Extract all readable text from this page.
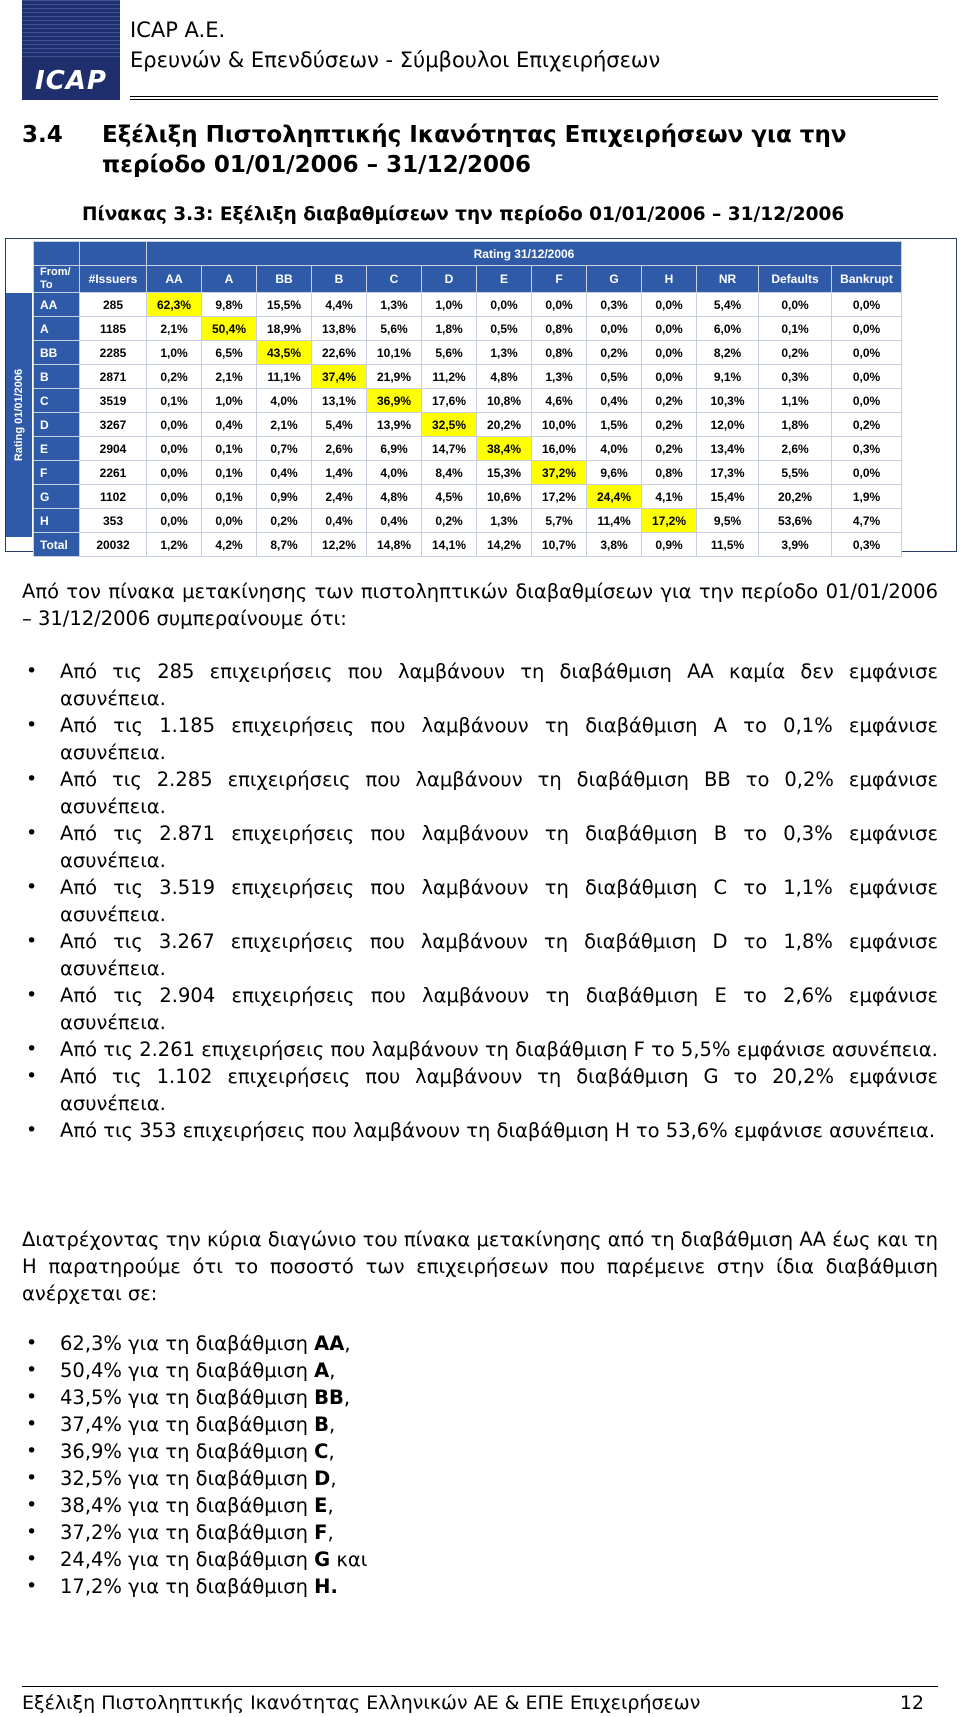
ICAP
ICAP A.E.
Ερευνών & Επενδύσεων - Σύμβουλοι Επιχειρήσεων
3.4 Εξέλιξη Πιστοληπτικής Ικανότητας Επιχειρήσεων για την περίοδο 01/01/2006 – 31/12/2006
Πίνακας 3.3: Εξέλιξη διαβαθμίσεων την περίοδο 01/01/2006 – 31/12/2006
Rating 01/01/2006
		Rating 31/12/2006												
From/ To	#Issuers	AA	A	BB	B	C	D	E	F	G	H	NR	Defaults	Bankrupt
AA	285	62,3%	9,8%	15,5%	4,4%	1,3%	1,0%	0,0%	0,0%	0,3%	0,0%	5,4%	0,0%	0,0%
A	1185	2,1%	50,4%	18,9%	13,8%	5,6%	1,8%	0,5%	0,8%	0,0%	0,0%	6,0%	0,1%	0,0%
BB	2285	1,0%	6,5%	43,5%	22,6%	10,1%	5,6%	1,3%	0,8%	0,2%	0,0%	8,2%	0,2%	0,0%
B	2871	0,2%	2,1%	11,1%	37,4%	21,9%	11,2%	4,8%	1,3%	0,5%	0,0%	9,1%	0,3%	0,0%
C	3519	0,1%	1,0%	4,0%	13,1%	36,9%	17,6%	10,8%	4,6%	0,4%	0,2%	10,3%	1,1%	0,0%
D	3267	0,0%	0,4%	2,1%	5,4%	13,9%	32,5%	20,2%	10,0%	1,5%	0,2%	12,0%	1,8%	0,2%
E	2904	0,0%	0,1%	0,7%	2,6%	6,9%	14,7%	38,4%	16,0%	4,0%	0,2%	13,4%	2,6%	0,3%
F	2261	0,0%	0,1%	0,4%	1,4%	4,0%	8,4%	15,3%	37,2%	9,6%	0,8%	17,3%	5,5%	0,0%
G	1102	0,0%	0,1%	0,9%	2,4%	4,8%	4,5%	10,6%	17,2%	24,4%	4,1%	15,4%	20,2%	1,9%
H	353	0,0%	0,0%	0,2%	0,4%	0,4%	0,2%	1,3%	5,7%	11,4%	17,2%	9,5%	53,6%	4,7%
Total	20032	1,2%	4,2%	8,7%	12,2%	14,8%	14,1%	14,2%	10,7%	3,8%	0,9%	11,5%	3,9%	0,3%
Από τον πίνακα μετακίνησης των πιστοληπτικών διαβαθμίσεων για την περίοδο 01/01/2006 – 31/12/2006 συμπεραίνουμε ότι:
• Από τις 285 επιχειρήσεις που λαμβάνουν τη διαβάθμιση ΑΑ καμία δεν εμφάνισε ασυνέπεια.
• Από τις 1.185 επιχειρήσεις που λαμβάνουν τη διαβάθμιση A το 0,1% εμφάνισε ασυνέπεια.
• Από τις 2.285 επιχειρήσεις που λαμβάνουν τη διαβάθμιση BB το 0,2% εμφάνισε ασυνέπεια.
• Από τις 2.871 επιχειρήσεις που λαμβάνουν τη διαβάθμιση B το 0,3% εμφάνισε ασυνέπεια.
• Από τις 3.519 επιχειρήσεις που λαμβάνουν τη διαβάθμιση C το 1,1% εμφάνισε ασυνέπεια.
• Από τις 3.267 επιχειρήσεις που λαμβάνουν τη διαβάθμιση D το 1,8% εμφάνισε ασυνέπεια.
• Από τις 2.904 επιχειρήσεις που λαμβάνουν τη διαβάθμιση E το 2,6% εμφάνισε ασυνέπεια.
• Από τις 2.261 επιχειρήσεις που λαμβάνουν τη διαβάθμιση F το 5,5% εμφάνισε ασυνέπεια.
• Από τις 1.102 επιχειρήσεις που λαμβάνουν τη διαβάθμιση G το 20,2% εμφάνισε ασυνέπεια.
• Από τις 353 επιχειρήσεις που λαμβάνουν τη διαβάθμιση H το 53,6% εμφάνισε ασυνέπεια.
Διατρέχοντας την κύρια διαγώνιο του πίνακα μετακίνησης από τη διαβάθμιση ΑΑ έως και τη H παρατηρούμε ότι το ποσοστό των επιχειρήσεων που παρέμεινε στην ίδια διαβάθμιση ανέρχεται σε:
• 62,3% για τη διαβάθμιση AA,
• 50,4% για τη διαβάθμιση A,
• 43,5% για τη διαβάθμιση BB,
• 37,4% για τη διαβάθμιση B,
• 36,9% για τη διαβάθμιση C,
• 32,5% για τη διαβάθμιση D,
• 38,4% για τη διαβάθμιση E,
• 37,2% για τη διαβάθμιση F,
• 24,4% για τη διαβάθμιση G και
• 17,2% για τη διαβάθμιση H.
Εξέλιξη Πιστοληπτικής Ικανότητας Ελληνικών ΑΕ & ΕΠΕ Επιχειρήσεων	12
